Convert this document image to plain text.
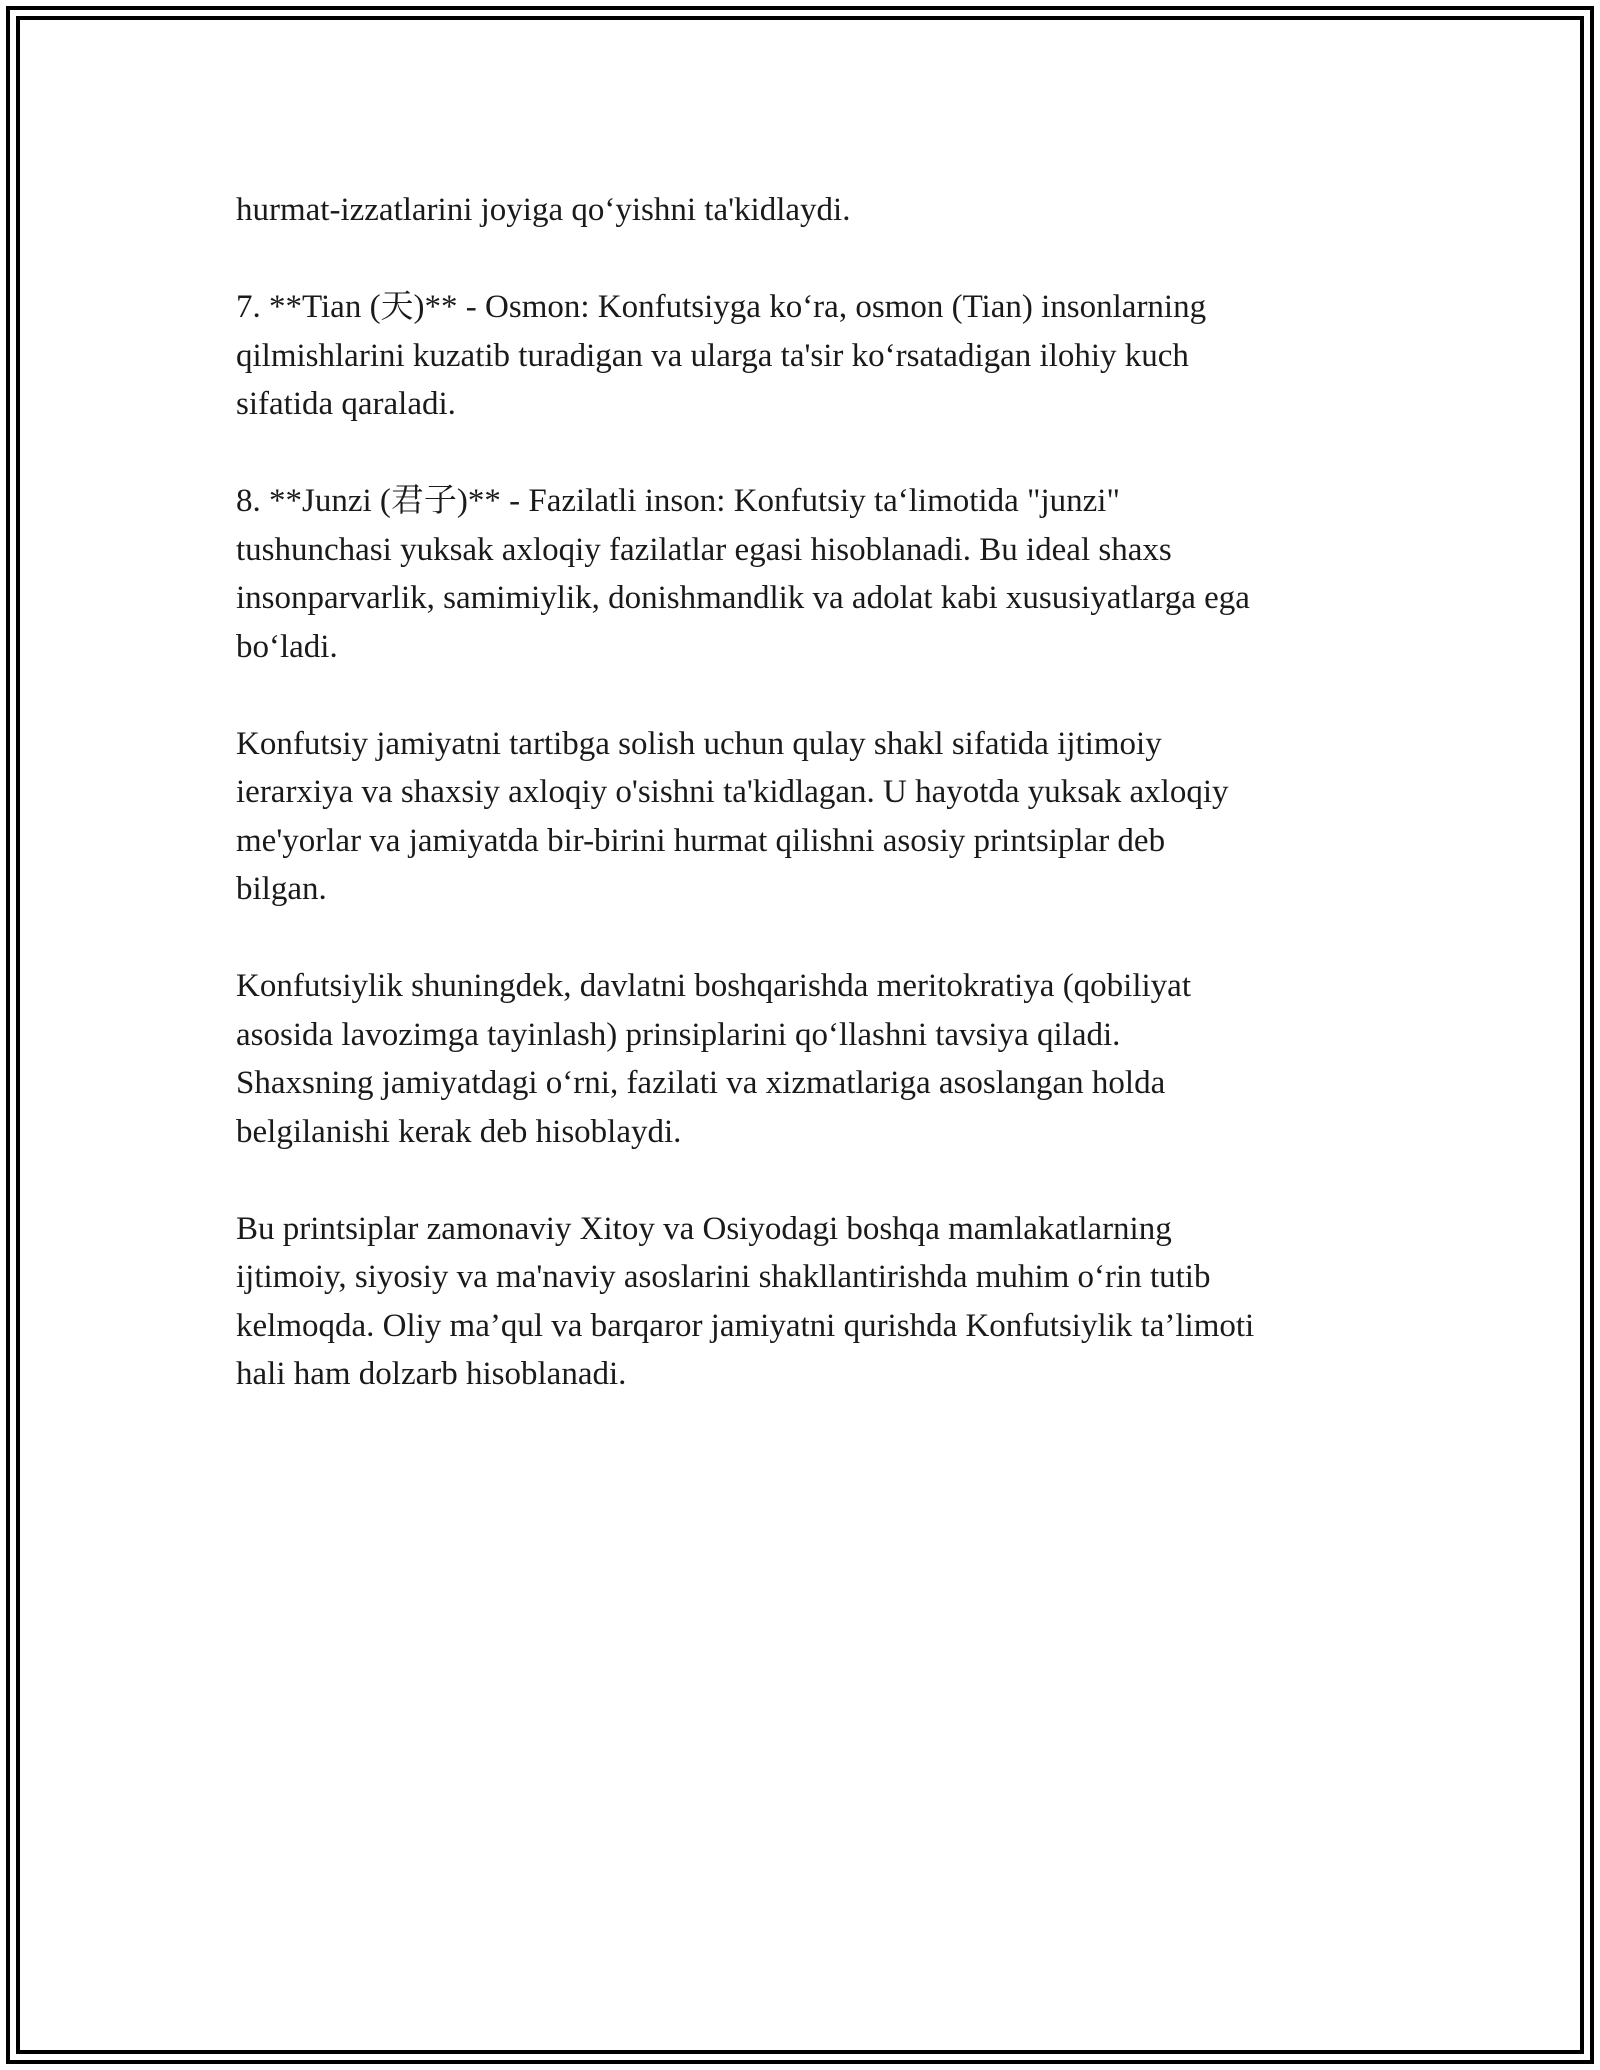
hurmat-izzatlarini joyiga qo‘yishni ta'kidlaydi.

7. **Tian (天)** - Osmon: Konfutsiyga ko‘ra, osmon (Tian) insonlarning
qilmishlarini kuzatib turadigan va ularga ta'sir ko‘rsatadigan ilohiy kuch
sifatida qaraladi.

8. **Junzi (君子)** - Fazilatli inson: Konfutsiy ta‘limotida "junzi"
tushunchasi yuksak axloqiy fazilatlar egasi hisoblanadi. Bu ideal shaxs
insonparvarlik, samimiylik, donishmandlik va adolat kabi xususiyatlarga ega
bo‘ladi.

Konfutsiy jamiyatni tartibga solish uchun qulay shakl sifatida ijtimoiy
ierarxiya va shaxsiy axloqiy o'sishni ta'kidlagan. U hayotda yuksak axloqiy
me'yorlar va jamiyatda bir-birini hurmat qilishni asosiy printsiplar deb
bilgan.

Konfutsiylik shuningdek, davlatni boshqarishda meritokratiya (qobiliyat
asosida lavozimga tayinlash) prinsiplarini qo‘llashni tavsiya qiladi.
Shaxsning jamiyatdagi o‘rni, fazilati va xizmatlariga asoslangan holda
belgilanishi kerak deb hisoblaydi.

Bu printsiplar zamonaviy Xitoy va Osiyodagi boshqa mamlakatlarning
ijtimoiy, siyosiy va ma'naviy asoslarini shakllantirishda muhim o‘rin tutib
kelmoqda. Oliy ma’qul va barqaror jamiyatni qurishda Konfutsiylik ta’limoti
hali ham dolzarb hisoblanadi.
